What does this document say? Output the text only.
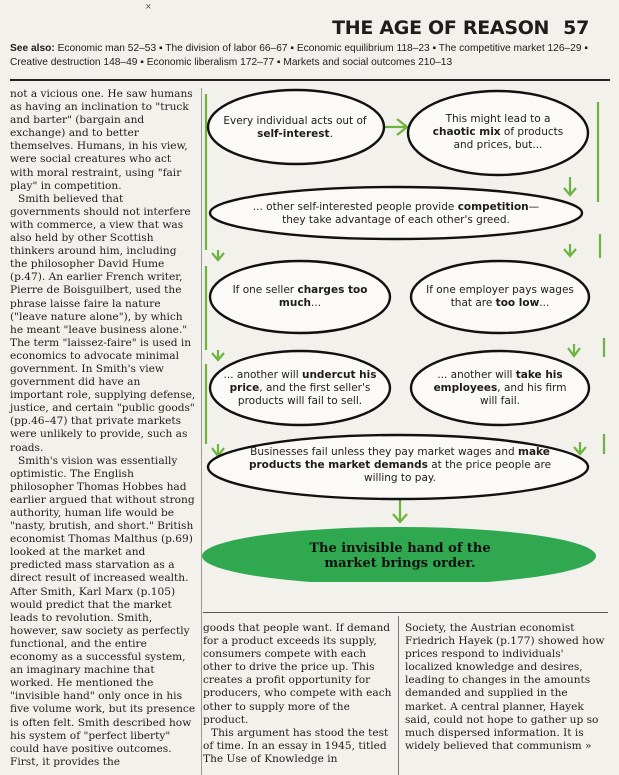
×
THE AGE OF REASON 57
See also: Economic man 52–53 ▪ The division of labor 66–67 ▪ Economic equilibrium 118–23 ▪ The competitive market 126–29 ▪ Creative destruction 148–49 ▪ Economic liberalism 172–77 ▪ Markets and social outcomes 210–13

not a vicious one. He saw humans as having an inclination to "truck and barter" (bargain and exchange) and to better themselves. Humans, in his view, were social creatures who act with moral restraint, using "fair play" in competition.

Smith believed that governments should not interfere with commerce, a view that was also held by other Scottish thinkers around him, including the philosopher David Hume (p.47). An earlier French writer, Pierre de Boisguilbert, used the phrase laisse faire la nature ("leave nature alone"), by which he meant "leave business alone." The term "laissez-faire" is used in economics to advocate minimal government. In Smith's view government did have an important role, supplying defense, justice, and certain "public goods" (pp.46–47) that private markets were unlikely to provide, such as roads.

Smith's vision was essentially optimistic. The English philosopher Thomas Hobbes had earlier argued that without strong authority, human life would be "nasty, brutish, and short." British economist Thomas Malthus (p.69) looked at the market and predicted mass starvation as a direct result of increased wealth. After Smith, Karl Marx (p.105) would predict that the market leads to revolution. Smith, however, saw society as perfectly functional, and the entire economy as a successful system, an imaginary machine that worked. He mentioned the "invisible hand" only once in his five volume work, but its presence is often felt. Smith described how his system of "perfect liberty" could have positive outcomes. First, it provides the

Every individual acts out of self-interest.
This might lead to a chaotic mix of products and prices, but...
... other self-interested people provide competition— they take advantage of each other's greed.
If one seller charges too much...
If one employer pays wages that are too low...
... another will undercut his price, and the first seller's products will fail to sell.
... another will take his employees, and his firm will fail.
Businesses fail unless they pay market wages and make products the market demands at the price people are willing to pay.
The invisible hand of the market brings order.

goods that people want. If demand for a product exceeds its supply, consumers compete with each other to drive the price up. This creates a profit opportunity for producers, who compete with each other to supply more of the product.

This argument has stood the test of time. In an essay in 1945, titled The Use of Knowledge in

Society, the Austrian economist Friedrich Hayek (p.177) showed how prices respond to individuals' localized knowledge and desires, leading to changes in the amounts demanded and supplied in the market. A central planner, Hayek said, could not hope to gather up so much dispersed information. It is widely believed that communism »
